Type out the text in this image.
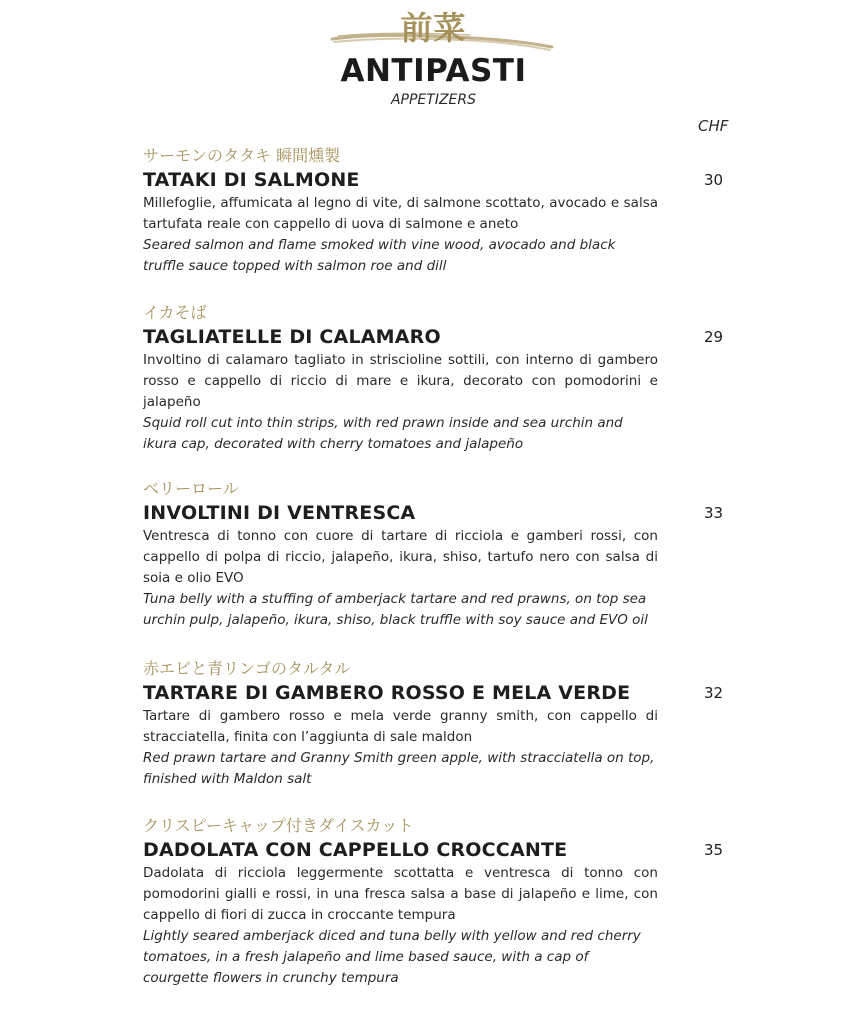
前菜
ANTIPASTI
APPETIZERS
CHF
サーモンのタタキ 瞬間燻製
TATAKI DI SALMONE	30

Millefoglie, affumicata al legno di vite, di salmone scottato, avocado e salsa tartufata reale con cappello di uova di salmone e aneto

Seared salmon and flame smoked with vine wood, avocado and black truffle sauce topped with salmon roe and dill

イカそば
TAGLIATELLE DI CALAMARO	29

Involtino di calamaro tagliato in striscioline sottili, con interno di gambero rosso e cappello di riccio di mare e ikura, decorato con pomodorini e jalapeño

Squid roll cut into thin strips, with red prawn inside and sea urchin and ikura cap, decorated with cherry tomatoes and jalapeño

ベリーロール
INVOLTINI DI VENTRESCA	33

Ventresca di tonno con cuore di tartare di ricciola e gamberi rossi, con cappello di polpa di riccio, jalapeño, ikura, shiso, tartufo nero con salsa di soia e olio EVO

Tuna belly with a stuffing of amberjack tartare and red prawns, on top sea urchin pulp, jalapeño, ikura, shiso, black truffle with soy sauce and EVO oil

赤エビと青リンゴのタルタル
TARTARE DI GAMBERO ROSSO E MELA VERDE	32

Tartare di gambero rosso e mela verde granny smith, con cappello di stracciatella, finita con l’aggiunta di sale maldon

Red prawn tartare and Granny Smith green apple, with stracciatella on top, finished with Maldon salt

クリスピーキャップ付きダイスカット
DADOLATA CON CAPPELLO CROCCANTE	35

Dadolata di ricciola leggermente scottatta e ventresca di tonno con pomodorini gialli e rossi, in una fresca salsa a base di jalapeño e lime, con cappello di fiori di zucca in croccante tempura

Lightly seared amberjack diced and tuna belly with yellow and red cherry tomatoes, in a fresh jalapeño and lime based sauce, with a cap of courgette flowers in crunchy tempura
